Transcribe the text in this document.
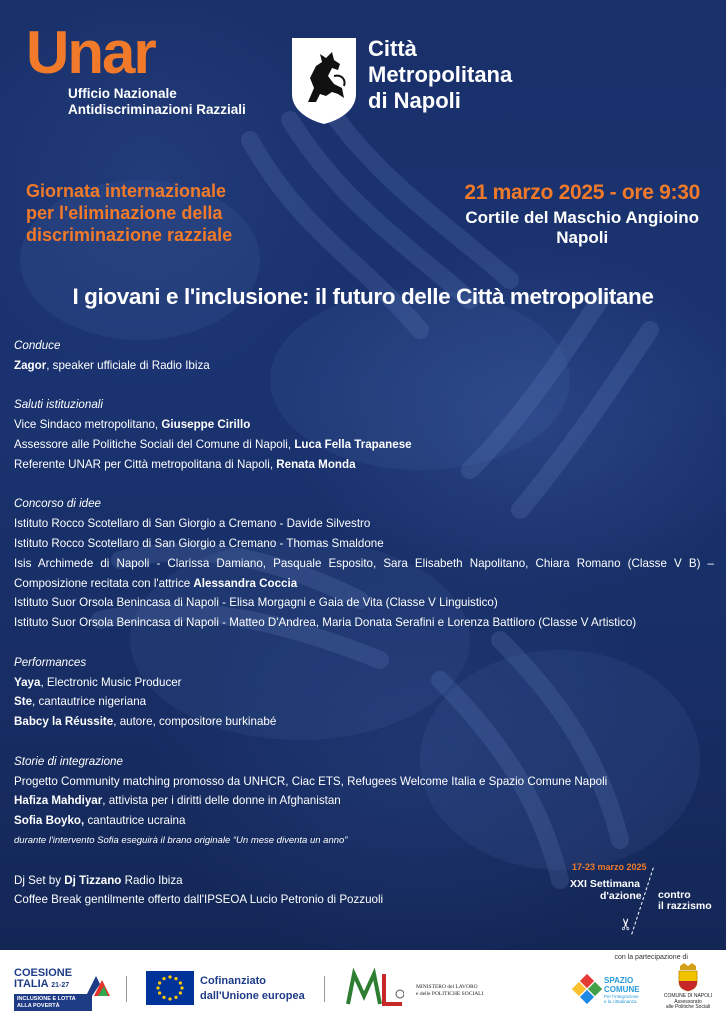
Unar
Ufficio Nazionale
Antidiscriminazioni Razziali
Città
Metropolitana
di Napoli
Giornata internazionale
per l'eliminazione della
discriminazione razziale
21 marzo 2025 - ore 9:30
Cortile del Maschio Angioino
Napoli
I giovani e l'inclusione: il futuro delle Città metropolitane
Conduce
Zagor, speaker ufficiale di Radio Ibiza
Saluti istituzionali
Vice Sindaco metropolitano, Giuseppe Cirillo
Assessore alle Politiche Sociali del Comune di Napoli, Luca Fella Trapanese
Referente UNAR per Città metropolitana di Napoli, Renata Monda
Concorso di idee
Istituto Rocco Scotellaro di San Giorgio a Cremano - Davide Silvestro
Istituto Rocco Scotellaro di San Giorgio a Cremano - Thomas Smaldone
Isis Archimede di Napoli - Clarissa Damiano, Pasquale Esposito, Sara Elisabeth Napolitano, Chiara Romano (Classe V B) –
Composizione recitata con l'attrice Alessandra Coccia
Istituto Suor Orsola Benincasa di Napoli - Elisa Morgagni e Gaia de Vita (Classe V Linguistico)
Istituto Suor Orsola Benincasa di Napoli - Matteo D'Andrea, Maria Donata Serafini e Lorenza Battiloro (Classe V Artistico)
Performances
Yaya, Electronic Music Producer
Ste, cantautrice nigeriana
Babcy la Réussite, autore, compositore burkinabé
Storie di integrazione
Progetto Community matching promosso da UNHCR, Ciac ETS, Refugees Welcome Italia e Spazio Comune Napoli
Hafiza Mahdiyar, attivista per i diritti delle donne in Afghanistan
Sofia Boyko, cantautrice ucraina
durante l'intervento Sofia eseguirà il brano originale “Un mese diventa un anno”
Dj Set by Dj Tizzano Radio Ibiza
Coffee Break gentilmente offerto dall'IPSEOA Lucio Petronio di Pozzuoli
17-23 marzo 2025
XXI Settimana
d'azione contro
il razzismo
✂
con la partecipazione di
COESIONE
ITALIA 21-27
INCLUSIONE E LOTTA
ALLA POVERTÀ
Cofinanziato
dall'Unione europea
MINISTERO del LAVORO
e delle POLITICHE SOCIALI
SPAZIO
COMUNE
Per l'integrazione
e la cittadinanza
COMUNE DI NAPOLI
Assessorato
alle Politiche Sociali
